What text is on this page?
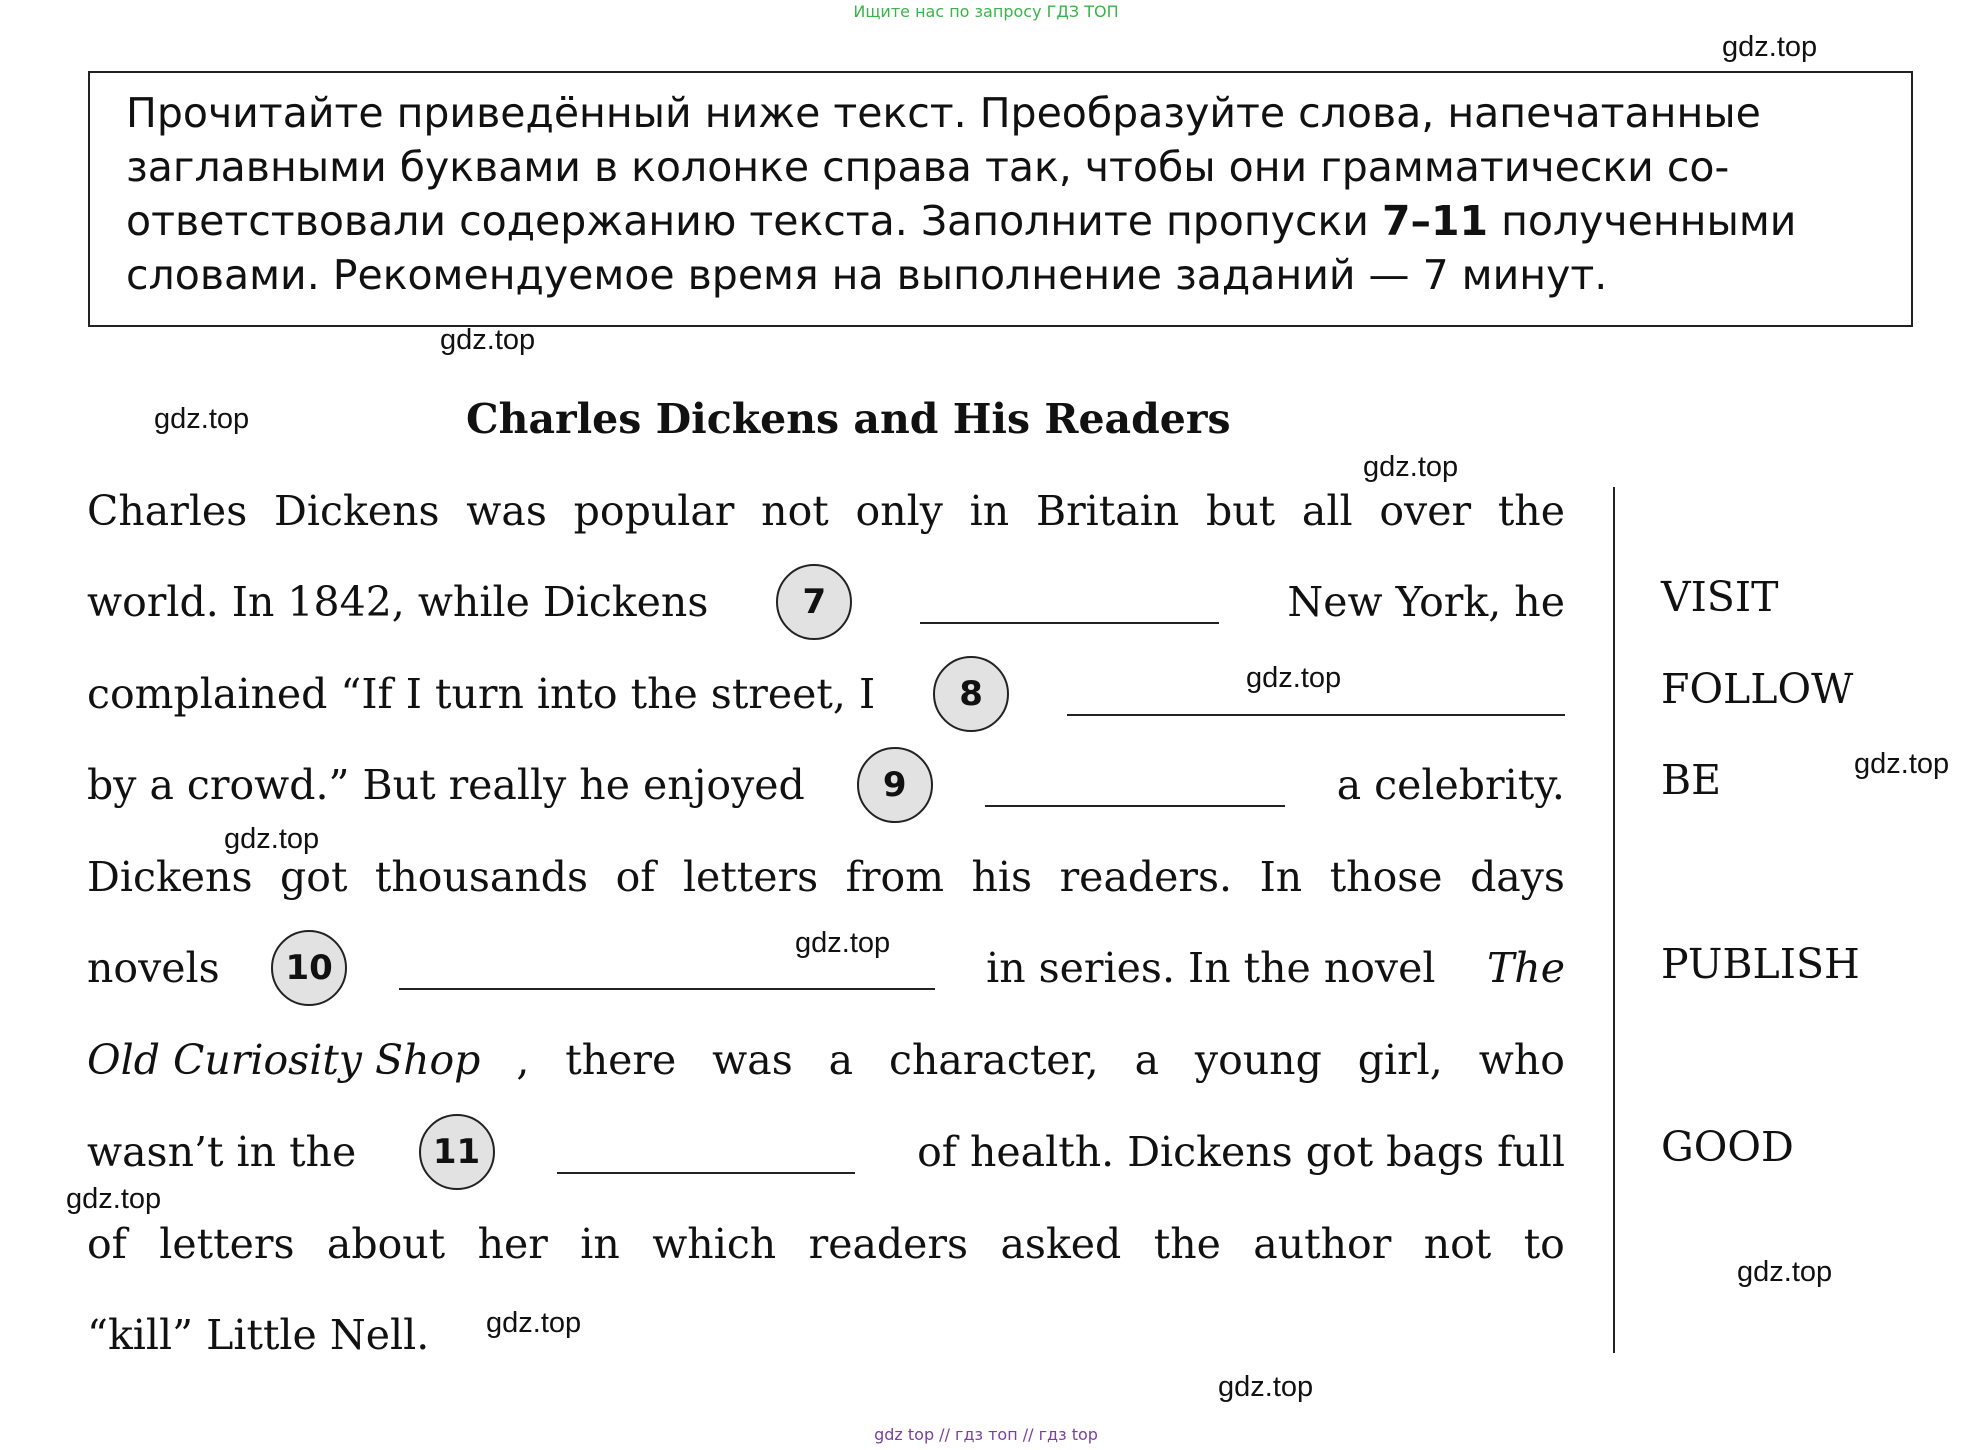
Ищите нас по запросу ГДЗ ТОП
gdz top // гдз топ // гдз top
Прочитайте приведённый ниже текст. Преобразуйте слова, напечатанные
заглавными буквами в колонке справа так, чтобы они грамматически со-
ответствовали содержанию текста. Заполните пропуски 7–11 полученными
словами. Рекомендуемое время на выполнение заданий — 7 минут.
Charles Dickens and His Readers
Charles Dickens was popular not only in Britain but all over the
world. In 1842, while Dickens	7	New York, he
complained “If I turn into the street, I	8
by a crowd.” But really he enjoyed	9	a celebrity.
Dickens got thousands of letters from his readers. In those days
novels	10	in series. In the novel The
Old Curiosity Shop , there was a character, a young girl, who
wasn’t in the	11	of health. Dickens got bags full
of letters about her in which readers asked the author not to
“kill” Little Nell.
VISIT
FOLLOW
BE
PUBLISH
GOOD
gdz.top
gdz.top
gdz.top
gdz.top
gdz.top
gdz.top
gdz.top
gdz.top
gdz.top
gdz.top
gdz.top
gdz.top
